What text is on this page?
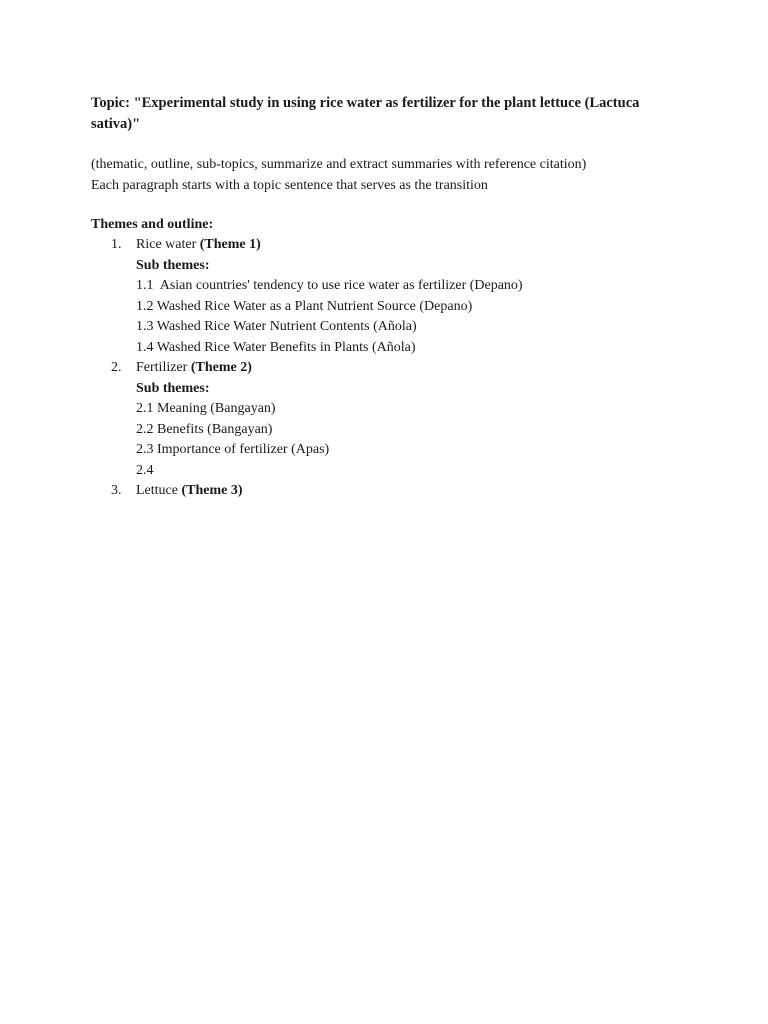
Topic: "Experimental study in using rice water as fertilizer for the plant lettuce (Lactuca sativa)"

(thematic, outline, sub-topics, summarize and extract summaries with reference citation)
Each paragraph starts with a topic sentence that serves as the transition
Themes and outline:
1. Rice water (Theme 1)
Sub themes:
1.1  Asian countries' tendency to use rice water as fertilizer (Depano)
1.2 Washed Rice Water as a Plant Nutrient Source (Depano)
1.3 Washed Rice Water Nutrient Contents (Añola)
1.4 Washed Rice Water Benefits in Plants (Añola)
2. Fertilizer (Theme 2)
Sub themes:
2.1 Meaning (Bangayan)
2.2 Benefits (Bangayan)
2.3 Importance of fertilizer (Apas)
2.4
3. Lettuce (Theme 3)
